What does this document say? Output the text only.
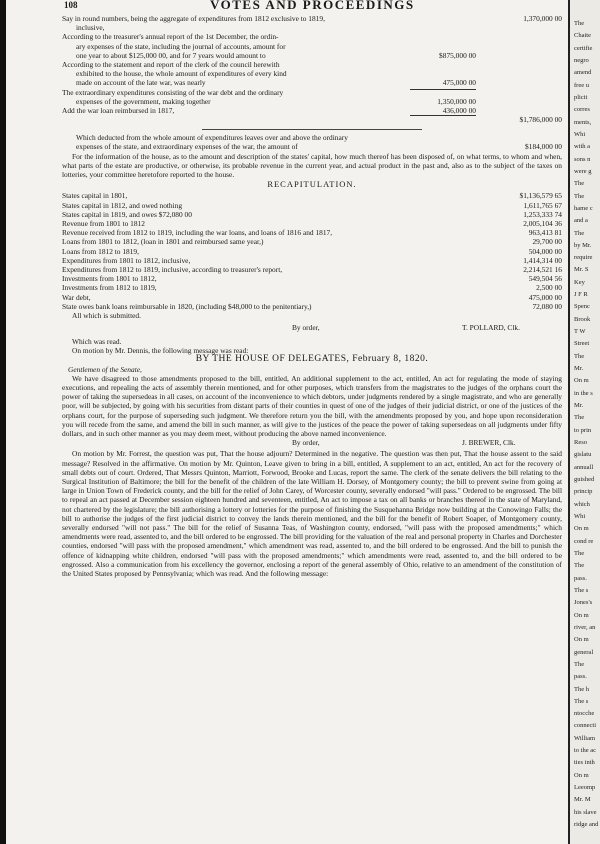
108	VOTES AND PROCEEDINGS
Say in round numbers, being the aggregate of expenditures from 1812 exclusive to 1819,	1,370,000 00
inclusive,
According to the treasurer's annual report of the 1st December, the ordin-
ary expenses of the state, including the journal of accounts, amount for
one year to about $125,000 00, and for 7 years would amount to	$875,000 00
According to the statement and report of the clerk of the council herewith
exhibited to the house, the whole amount of expenditures of every kind
made on account of the late war, was nearly	475,000 00
The extraordinary expenditures consisting of the war debt and the ordinary
expenses of the government, making together	1,350,000 00
Add the war loan reimbursed in 1817,	436,000 00
$1,786,000 00
Which deducted from the whole amount of expenditures leaves over and above the ordinary
expenses of the state, and extraordinary expenses of the war, the amount of	$184,000 00

For the information of the house, as to the amount and description of the states' capital, how much thereof has been disposed of, on what terms, to whom and when, what parts of the estate are productive, or otherwise, its probable revenue in the current year, and actual product in the past and, also as to the subject of the taxes on lotteries, your committee heretofore reported to the house.

RECAPITULATION.
States capital in 1801,	$1,136,579 65
States capital in 1812, and owed nothing	1,611,765 67
States capital in 1819, and owes $72,080 00	1,253,333 74
Revenue from 1801 to 1812	2,005,104 36
Revenue received from 1812 to 1819, including the war loans, and loans of 1816 and 1817,	963,413 81
Loans from 1801 to 1812, (loan in 1801 and reimbursed same year,)	29,700 00
Loans from 1812 to 1819,	504,000 00
Expenditures from 1801 to 1812, inclusive,	1,414,314 00
Expenditures from 1812 to 1819, inclusive, according to treasurer's report,	2,214,521 16
Investments from 1801 to 1812,	549,504 56
Investments from 1812 to 1819,	2,500 00
War debt,	475,000 00
State owes bank loans reimbursable in 1820, (including $48,000 to the penitentiary,)	72,080 00
All which is submitted.
By order,	T. POLLARD, Clk.

Which was read.

On motion by Mr. Dennis, the following message was read:

BY THE HOUSE OF DELEGATES, February 8, 1820.
Gentlemen of the Senate,

We have disagreed to those amendments proposed to the bill, entitled, An additional supplement to the act, entitled, An act for regulating the mode of staying executions, and repealing the acts of assembly therein mentioned, and for other purposes, which transfers from the magistrates to the judges of the orphans court the power of taking the supersedeas in all cases, on account of the inconvenience to which debtors, under judgments rendered by a single magistrate, and who are generally poor, will be subjected, by going with his securities from distant parts of their counties in quest of one of the judges of their judicial district, or one of the justices of the orphans court, for the purpose of superseding such judgment. We therefore return you the bill, with the amendments proposed by you, and hope upon reconsideration you will recede from the same, and amend the bill in such manner, as will give to the justices of the peace the power of taking supersedeas on all judgments under fifty dollars, and in such other manner as you may deem meet, without producing the above named inconvenience.

By order,	J. BREWER, Clk.

On motion by Mr. Forrest, the question was put, That the house adjourn? Determined in the negative. The question was then put, That the house assent to the said message? Resolved in the affirmative. On motion by Mr. Quinton, Leave given to bring in a bill, entitled, A supplement to an act, entitled, An act for the recovery of small debts out of court. Ordered, That Messrs Quinton, Marriott, Forwood, Brooke and Lucas, report the same. The clerk of the senate delivers the bill relating to the Surgical Institution of Baltimore; the bill for the benefit of the children of the late William H. Dorsey, of Montgomery county; the bill to prevent swine from going at large in Union Town of Frederick county, and the bill for the relief of John Carey, of Worcester county, severally endorsed "will pass." Ordered to be engrossed. The bill to repeal an act passed at December session eighteen hundred and seventeen, entitled, An act to impose a tax on all banks or branches thereof in the state of Maryland, not chartered by the legislature; the bill authorising a lottery or lotteries for the purpose of finishing the Susquehanna Bridge now building at the Conowingo Falls; the bill to authorise the judges of the first judicial district to convey the lands therein mentioned, and the bill for the benefit of Robert Soaper, of Montgomery county, severally endorsed "will not pass." The bill for the relief of Susanna Teas, of Washington county, endorsed, "will pass with the proposed amendments;" which amendments were read, assented to, and the bill ordered to be engrossed. The bill providing for the valuation of the real and personal property in Charles and Dorchester counties, endorsed "will pass with the proposed amendment," which amendment was read, assented to, and the bill ordered to be engrossed. And the bill to punish the offence of kidnapping white children, endorsed "will pass with the proposed amendments;" which amendments were read, assented to, and the bill ordered to be engrossed. Also a communication from his excellency the governor, enclosing a report of the general assembly of Ohio, relative to an amendment of the constitution of the United States proposed by Pennsylvania; which was read. And the following message:

The
Chaite
certifie
negro
amend
free u
plicit
corres
ments,
Whi
with a
sons n
were g
The
The
hame c
and a
The
by Mr.
require
Mr. S
Key
J F R
Spenc
Brook
T W
Street
The
Mr.
On m
in the s
Mr.
The
to prin
Reso
gislatu
annuall
guished
princip
which
Whi
On m
cond re
The
The
pass.
The s
Jones's
On m
river, an
On m
general
The
pass.
The h
The s
ntocche
connecti
William
to the ac
ties inth
On m
Leeomp
Mr. M
his slave
ridge and
